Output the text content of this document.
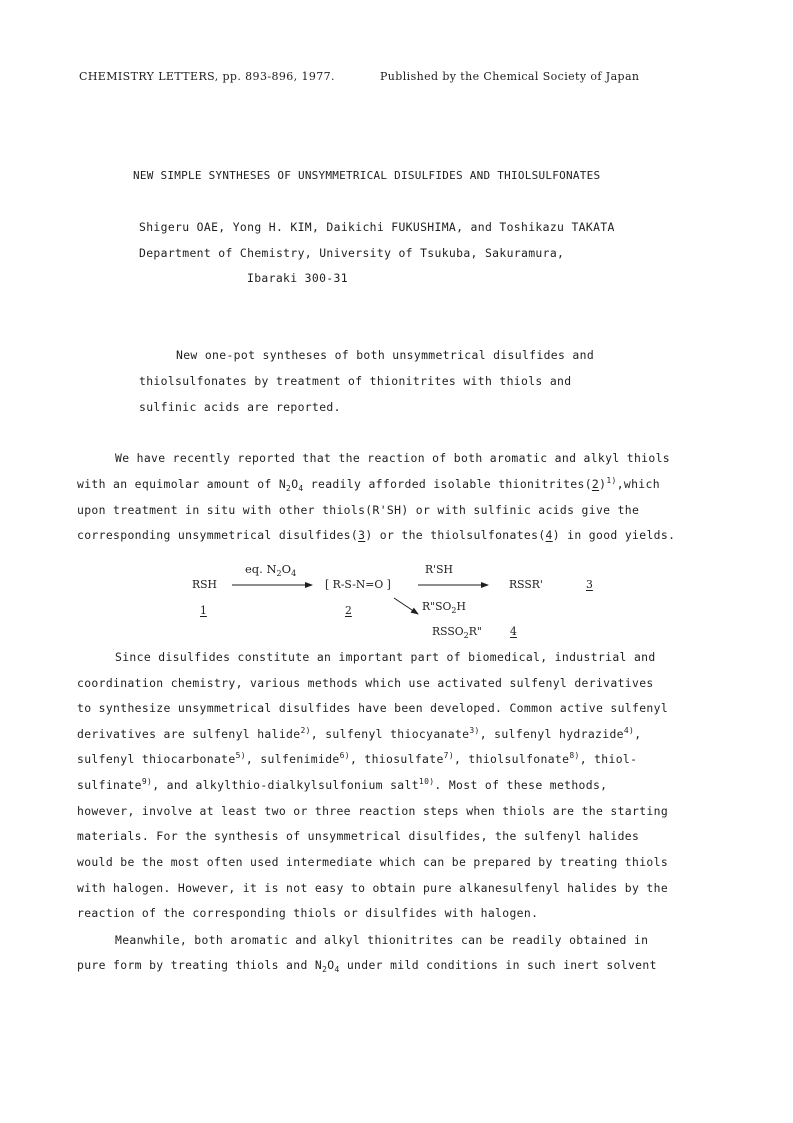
CHEMISTRY LETTERS, pp. 893-896, 1977.	Published by the Chemical Society of Japan
NEW SIMPLE SYNTHESES OF UNSYMMETRICAL DISULFIDES AND THIOLSULFONATES
Shigeru OAE, Yong H. KIM, Daikichi FUKUSHIMA, and Toshikazu TAKATA
Department of Chemistry, University of Tsukuba, Sakuramura,
Ibaraki 300-31
New one-pot syntheses of both unsymmetrical disulfides and
thiolsulfonates by treatment of thionitrites with thiols and
sulfinic acids are reported.
We have recently reported that the reaction of both aromatic and alkyl thiols
with an equimolar amount of $N_2O_4$ readily afforded isolable $thionitrites(2)^{1)},which$
upon treatment in situ with other thiols(R'SH) or with sulfinic acids give the
corresponding unsymmetrical disulfides(3) or the thiolsulfonates(4) in good yields.
RSH
1
eq. $N_2O_4$
[ R-S-N=O ]
2
R'SH
RSSR'	3
$R"SO_2H$
$RSSO_2R$"	4
Since disulfides constitute an important part of biomedical, industrial and
coordination chemistry, various methods which use activated sulfenyl derivatives
to synthesize unsymmetrical disulfides have been developed. Common active sulfenyl
derivatives are sulfenyl halide$^{2)}$, sulfenyl thiocyanate$^{3)}$, sulfenyl hydrazide$^{4)}$,
sulfenyl thiocarbonate$^{5)}$, sulfenimide$^{6)}$, thiosulfate$^{7)}$, thiolsulfonate$^{8)}$, thiol-
sulfinate$^{9)}$, and alkylthio-dialkylsulfonium salt$^{10)}$. Most of these methods,
however, involve at least two or three reaction steps when thiols are the starting
materials. For the synthesis of unsymmetrical disulfides, the sulfenyl halides
would be the most often used intermediate which can be prepared by treating thiols
with halogen. However, it is not easy to obtain pure alkanesulfenyl halides by the
reaction of the corresponding thiols or disulfides with halogen.
Meanwhile, both aromatic and alkyl thionitrites can be readily obtained in
pure form by treating thiols and $N_2O_4$ under mild conditions in such inert solvent
